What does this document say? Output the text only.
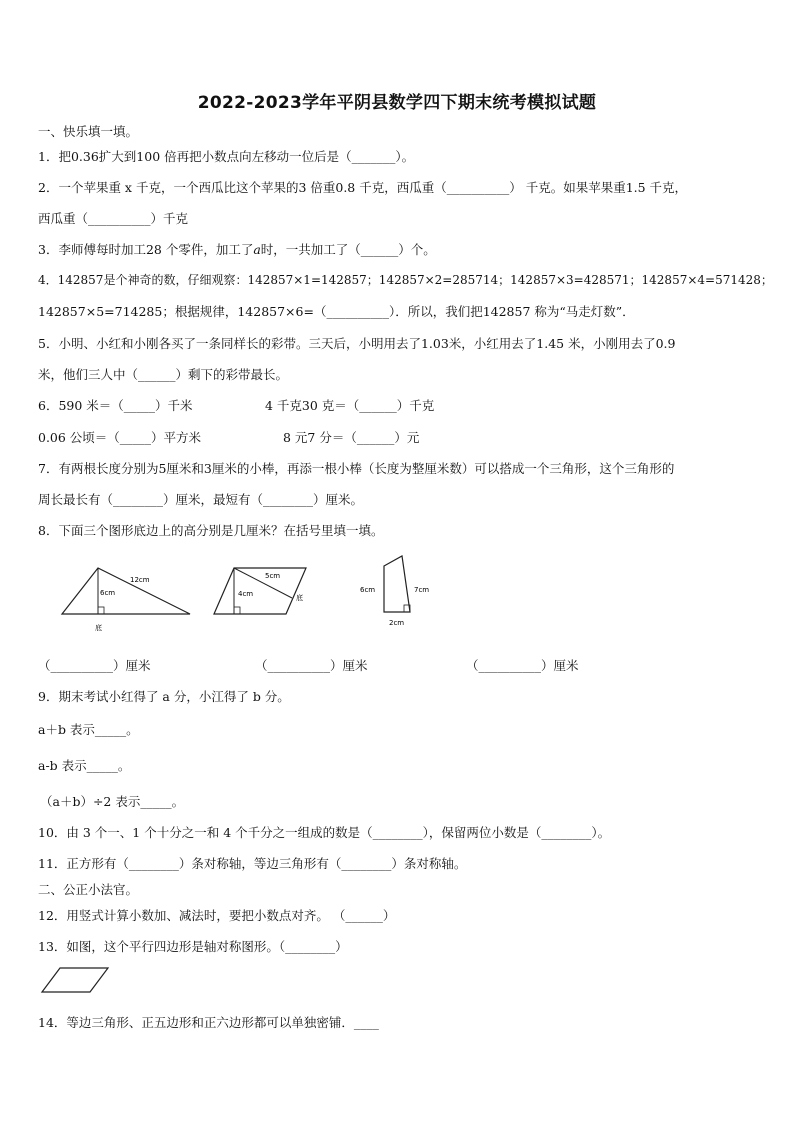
2022-2023学年平阴县数学四下期末统考模拟试题
一、快乐填一填。
1．把0.36扩大到100 倍再把小数点向左移动一位后是（_______）。
2．一个苹果重 x 千克，一个西瓜比这个苹果的3 倍重0.8 千克，西瓜重（__________） 千克。如果苹果重1.5 千克，
西瓜重（__________）千克
3．李师傅每时加工28 个零件，加工了𝑎时，一共加工了（______）个。
4．142857是个神奇的数，仔细观察：142857×1=142857；142857×2=285714；142857×3=428571；142857×4=571428；
142857×5=714285；根据规律，142857×6=（__________）．所以，我们把142857 称为“马走灯数”．
5．小明、小红和小刚各买了一条同样长的彩带。三天后，小明用去了1.03米，小红用去了1.45 米，小刚用去了0.9
米，他们三人中（______）剩下的彩带最长。
6．590 米＝（_____）千米	4 千克30 克＝（______）千克
0.06 公顷＝（_____）平方米	8 元7 分＝（______）元
7．有两根长度分别为5厘米和3厘米的小棒，再添一根小棒（长度为整厘米数）可以搭成一个三角形，这个三角形的
周长最长有（________）厘米，最短有（________）厘米。
8．下面三个图形底边上的高分别是几厘米？在括号里填一填。
12cm
6cm
底
5cm
4cm	底
6cm	7cm
2cm
（__________）厘米	（__________）厘米	（__________）厘米
9．期末考试小红得了 a 分，小江得了 b 分。
a＋b 表示_____。
a-b 表示_____。
（a＋b）÷2 表示_____。
10．由 3 个一、1 个十分之一和 4 个千分之一组成的数是（________），保留两位小数是（________）。
11．正方形有（________）条对称轴，等边三角形有（________）条对称轴。
二、公正小法官。
12．用竖式计算小数加、减法时，要把小数点对齐。 （______）
13．如图，这个平行四边形是轴对称图形。（________）
14．等边三角形、正五边形和正六边形都可以单独密铺．____
